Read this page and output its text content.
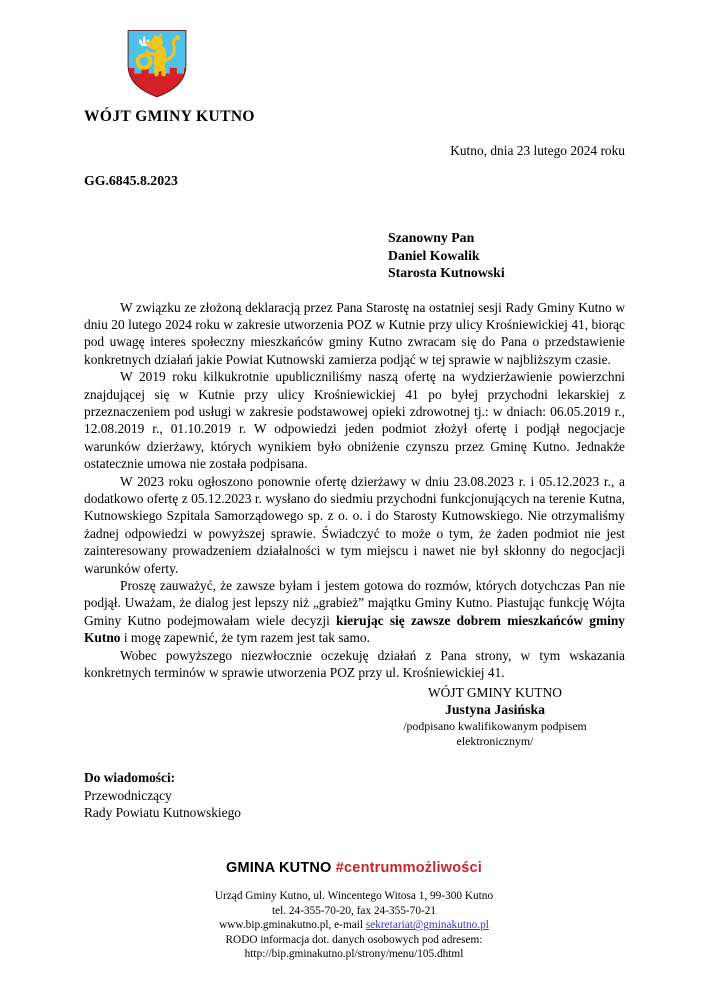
WÓJT GMINY KUTNO
Kutno, dnia 23 lutego 2024 roku
GG.6845.8.2023
Szanowny Pan
Daniel Kowalik
Starosta Kutnowski

W związku ze złożoną deklaracją przez Pana Starostę na ostatniej sesji Rady Gminy Kutno w dniu 20 lutego 2024 roku w zakresie utworzenia POZ w Kutnie przy ulicy Krośniewickiej 41, biorąc pod uwagę interes społeczny mieszkańców gminy Kutno zwracam się do Pana o przedstawienie konkretnych działań jakie Powiat Kutnowski zamierza podjąć w tej sprawie w najbliższym czasie.

W 2019 roku kilkukrotnie upubliczniliśmy naszą ofertę na wydzierżawienie powierzchni znajdującej się w Kutnie przy ulicy Krośniewickiej 41 po byłej przychodni lekarskiej z przeznaczeniem pod usługi w zakresie podstawowej opieki zdrowotnej tj.: w dniach: 06.05.2019 r., 12.08.2019 r., 01.10.2019 r. W odpowiedzi jeden podmiot złożył ofertę i podjął negocjacje warunków dzierżawy, których wynikiem było obniżenie czynszu przez Gminę Kutno. Jednakże ostatecznie umowa nie została podpisana.

W 2023 roku ogłoszono ponownie ofertę dzierżawy w dniu 23.08.2023 r. i 05.12.2023 r., a dodatkowo ofertę z 05.12.2023 r. wysłano do siedmiu przychodni funkcjonujących na terenie Kutna, Kutnowskiego Szpitala Samorządowego sp. z o. o. i do Starosty Kutnowskiego. Nie otrzymaliśmy żadnej odpowiedzi w powyższej sprawie. Świadczyć to może o tym, że żaden podmiot nie jest zainteresowany prowadzeniem działalności w tym miejscu i nawet nie był skłonny do negocjacji warunków oferty.

Proszę zauważyć, że zawsze byłam i jestem gotowa do rozmów, których dotychczas Pan nie podjął. Uważam, że dialog jest lepszy niż „grabież” majątku Gminy Kutno. Piastując funkcję Wójta Gminy Kutno podejmowałam wiele decyzji kierując się zawsze dobrem mieszkańców gminy Kutno i mogę zapewnić, że tym razem jest tak samo.

Wobec powyższego niezwłocznie oczekuję działań z Pana strony, w tym wskazania konkretnych terminów w sprawie utworzenia POZ przy ul. Krośniewickiej 41.

WÓJT GMINY KUTNO
Justyna Jasińska
/podpisano kwalifikowanym podpisem
elektronicznym/
Do wiadomości:
Przewodniczący
Rady Powiatu Kutnowskiego
GMINA KUTNO #centrummożliwości
Urząd Gminy Kutno, ul. Wincentego Witosa 1, 99-300 Kutno
tel. 24-355-70-20, fax 24-355-70-21
www.bip.gminakutno.pl, e-mail sekretariat@gminakutno.pl
RODO informacja dot. danych osobowych pod adresem:
http://bip.gminakutno.pl/strony/menu/105.dhtml
